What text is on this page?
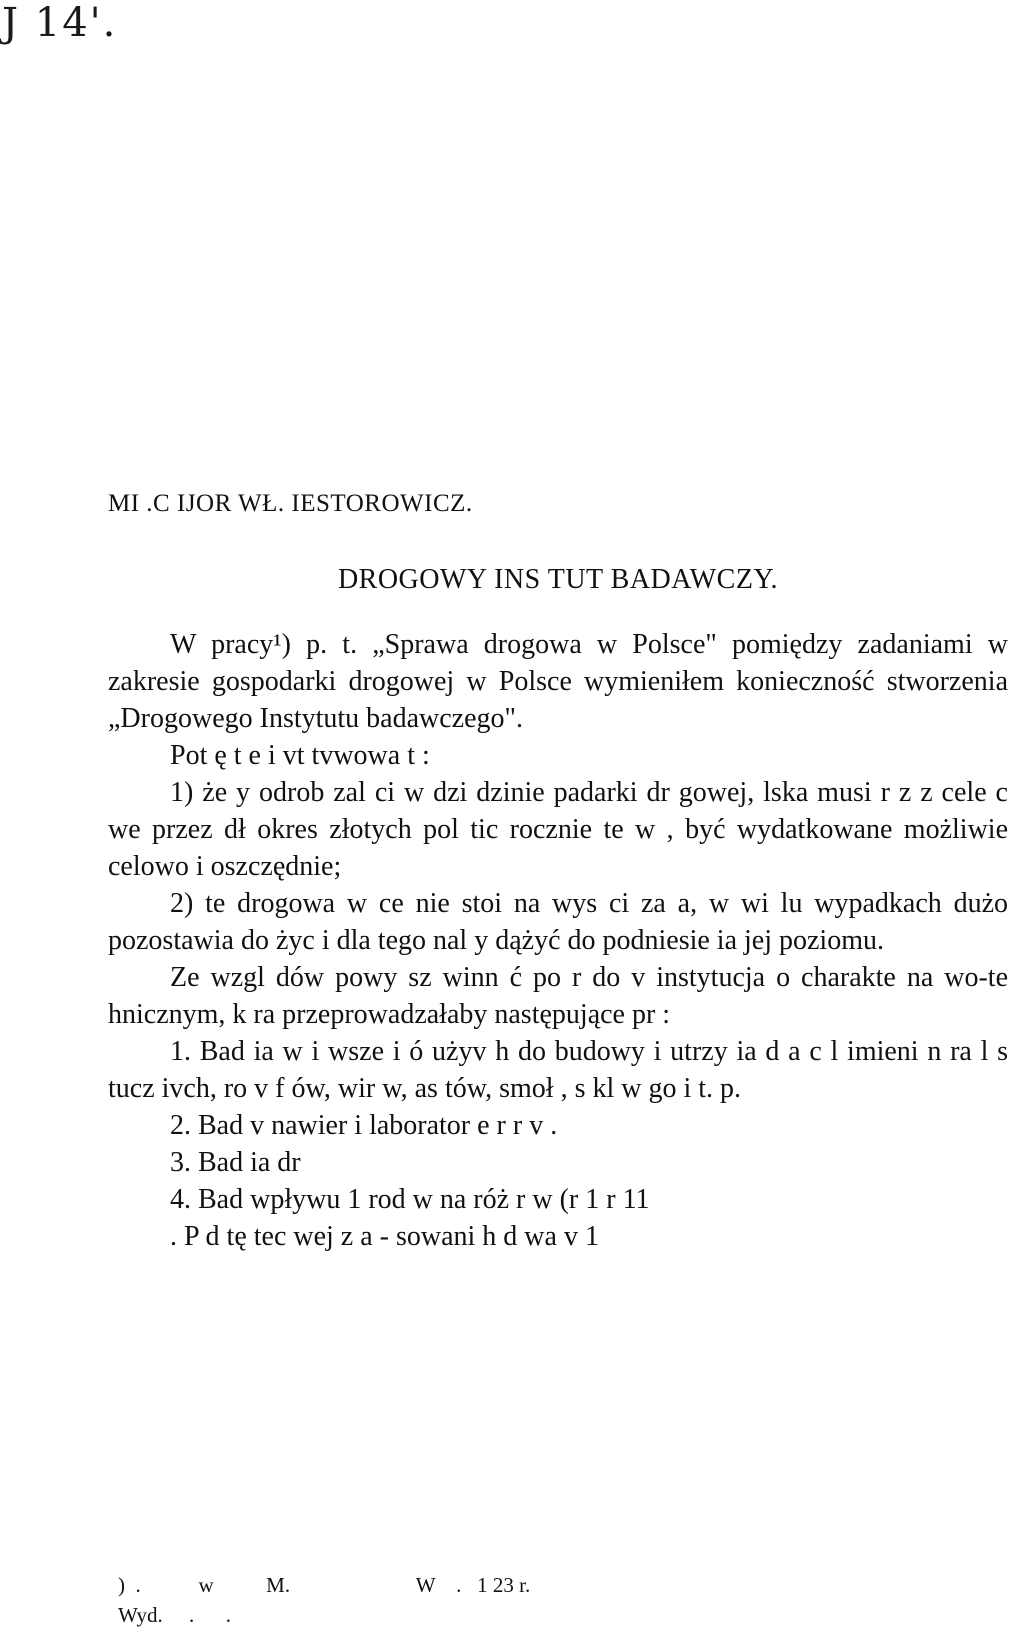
J 14'.
MI .C IJOR WŁ. IESTOROWICZ.
DROGOWY INS TUT BADAWCZY.

W pracy¹) p. t. „Sprawa drogowa w Polsce" pomiędzy zadaniami w zakresie gospodarki drogowej w Polsce wymieniłem konieczność stworzenia „Drogowego Instytutu badawczego".

Pot ę t e i vt tvwowa t :

1) że y odrob zal ci w dzi dzinie padarki dr gowej, lska musi r z z cele c we przez dł okres złotych pol tic rocznie te w , być wydatkowane możliwie celowo i oszczędnie;

2) te drogowa w ce nie stoi na wys ci za a, w wi lu wypadkach dużo pozostawia do życ i dla tego nal y dążyć do podniesie ia jej poziomu.

Ze wzgl dów powy sz winn ć po r do v instytucja o charakte na wo-te hnicznym, k ra przeprowadzałaby następujące pr :

1. Bad ia w i wsze i ó użyv h do budowy i utrzy ia d a c l imieni n ra l s tucz ivch, ro v f ów, wir w, as tów, smoł , s kl w go i t. p.

2. Bad v nawier i laborator e r r v .

3. Bad ia dr

4. Bad wpływu 1 rod w na róż r w (r 1 r 11

. P d tę tec wej z a - sowani h d wa v 1

)  .           w          M.                        W    .   1 23 r.
Wyd.     .      .
